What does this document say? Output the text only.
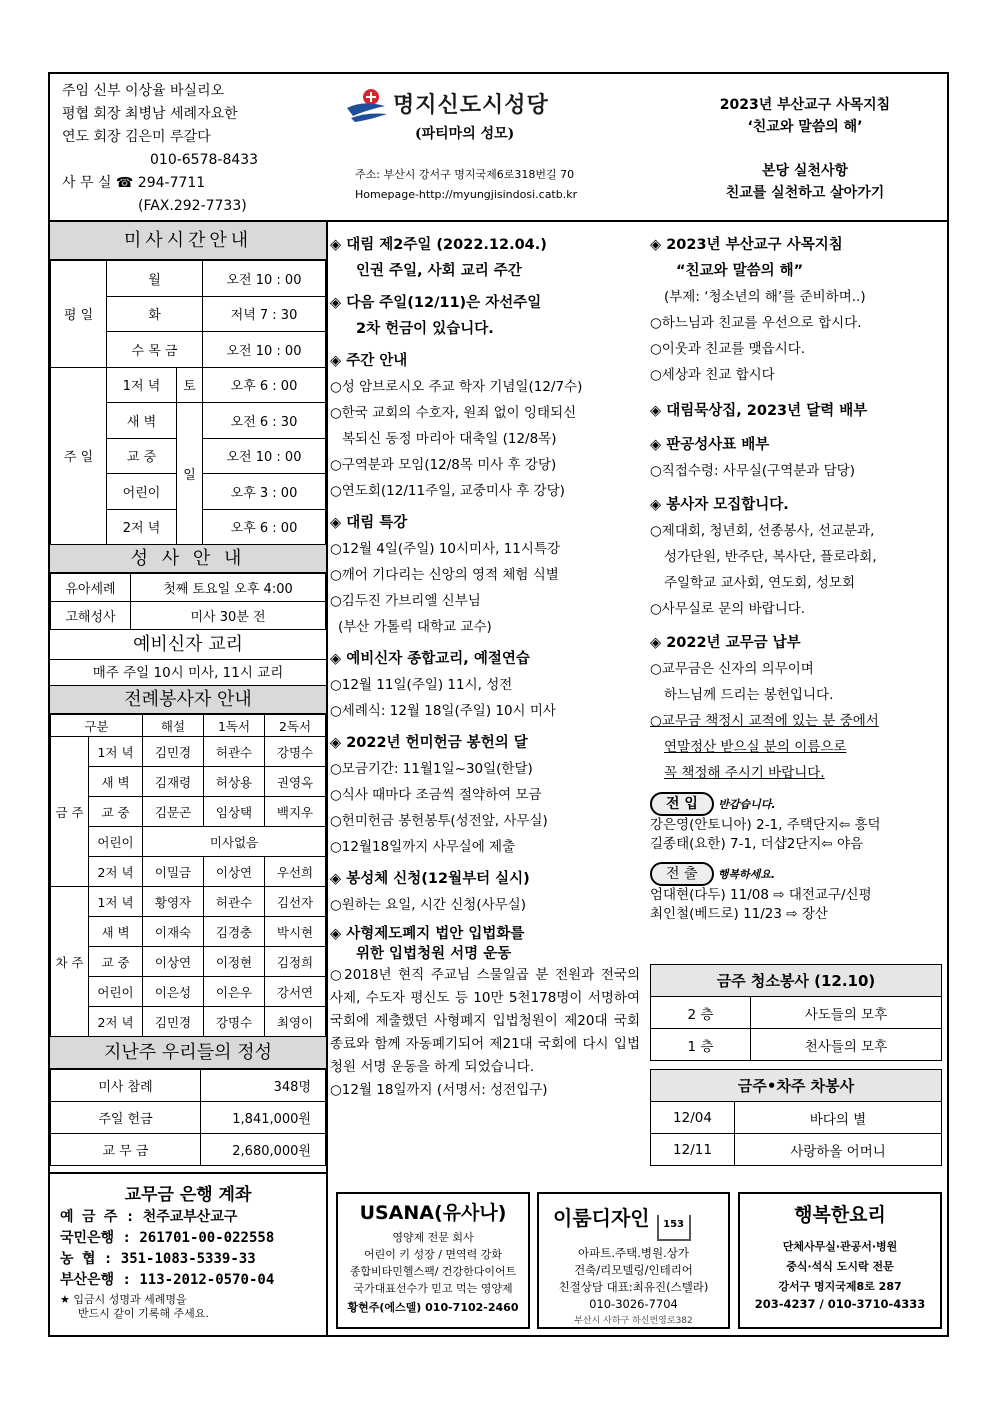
주임 신부 이상율 바실리오
평협 회장 최병남 세례자요한
연도 회장 김은미 루갈다
010-6578-8433
사 무 실 ☎ 294-7711
(FAX.292-7733)
명지신도시성당
(파티마의 성모)
주소: 부산시 강서구 명지국제6로318번길 70
Homepage-http://myungjisindosi.catb.kr
2023년 부산교구 사목지침
‘친교와 말씀의 해’
본당 실천사항
친교를 실천하고 살아가기
미사시간안내
평 일	월		오전 10 : 00
	화		저녁 7 : 30
	수 목 금		오전 10 : 00
주 일	1저 녁	토	오후 6 : 00
	새 벽	일	오전 6 : 30
	교 중		오전 10 : 00
	어린이		오후 3 : 00
	2저 녁		오후 6 : 00
성 사 안 내
유아세례	첫째 토요일 오후 4:00
고해성사	미사 30분 전
예비신자 교리
매주 주일 10시 미사, 11시 교리
전례봉사자 안내
구분		해설	1독서	2독서
금 주	1저 녁	김민경	허관수	강명수
	새 벽	김재령	허상용	권영옥
	교 중	김문곤	임상택	백지우
	어린이	미사없음		
	2저 녁	이밀금	이상연	우선희
차 주	1저 녁	황영자	허관수	김선자
	새 벽	이재숙	김경충	박시현
	교 중	이상연	이정현	김정희
	어린이	이은성	이은우	강서연
	2저 녁	김민경	강명수	최영이
지난주 우리들의 정성
미사 참례	348명
주일 헌금	1,841,000원
교 무 금	2,680,000원
교무금 은행 계좌
예 금 주 : 천주교부산교구
국민은행 : 261701-00-022558
농 협 : 351-1083-5339-33
부산은행 : 113-2012-0570-04
★ 입금시 성명과 세례명을
반드시 같이 기록해 주세요.
◈ 대림 제2주일 (2022.12.04.)
인권 주일, 사회 교리 주간
◈ 다음 주일(12/11)은 자선주일
2차 헌금이 있습니다.
◈ 주간 안내
○성 암브로시오 주교 학자 기념일(12/7수)
○한국 교회의 수호자, 원죄 없이 잉태되신
복되신 동정 마리아 대축일 (12/8목)
○구역분과 모임(12/8목 미사 후 강당)
○연도회(12/11주일, 교중미사 후 강당)
◈ 대림 특강
○12월 4일(주일) 10시미사, 11시특강
○깨어 기다리는 신앙의 영적 체험 식별
○김두진 가브리엘 신부님
(부산 가톨릭 대학교 교수)
◈ 예비신자 종합교리, 예절연습
○12월 11일(주일) 11시, 성전
○세례식: 12월 18일(주일) 10시 미사
◈ 2022년 헌미헌금 봉헌의 달
○모금기간: 11월1일~30일(한달)
○식사 때마다 조금씩 절약하여 모금
○헌미헌금 봉헌봉투(성전앞, 사무실)
○12월18일까지 사무실에 제출
◈ 봉성체 신청(12월부터 실시)
○원하는 요일, 시간 신청(사무실)
◈ 사형제도폐지 법안 입법화를
위한 입법청원 서명 운동
○2018년 현직 주교님 스물일곱 분 전원과 전국의 사제, 수도자 평신도 등 10만 5천178명이 서명하여 국회에 제출했던 사형폐지 입법청원이 제20대 국회 종료와 함께 자동폐기되어 제21대 국회에 다시 입법청원 서명 운동을 하게 되었습니다.
○12월 18일까지 (서명서: 성전입구)
◈ 2023년 부산교구 사목지침
“친교와 말씀의 해”
(부제: ‘청소년의 해’를 준비하며..)
○하느님과 친교를 우선으로 합시다.
○이웃과 친교를 맺읍시다.
○세상과 친교 합시다
◈ 대림묵상집, 2023년 달력 배부
◈ 판공성사표 배부
○직접수령: 사무실(구역분과 담당)
◈ 봉사자 모집합니다.
○제대회, 청년회, 선종봉사, 선교분과,
성가단원, 반주단, 복사단, 플로라회,
주일학교 교사회, 연도회, 성모회
○사무실로 문의 바랍니다.
◈ 2022년 교무금 납부
○교무금은 신자의 의무이며
하느님께 드리는 봉헌입니다.
○교무금 책정시 교적에 있는 분 중에서
연말정산 받으실 분의 이름으로
꼭 책정해 주시기 바랍니다.
전 입 반갑습니다.
강은영(안토니아) 2-1, 주택단지⇦ 흥덕
길종태(요한) 7-1, 더샵2단지⇦ 야음
전 출 행복하세요.
엄대현(다두) 11/08 ⇨ 대전교구/신평
최인철(베드로) 11/23 ⇨ 장산
금주 청소봉사 (12.10)	
2 층	사도들의 모후
1 층	천사들의 모후
금주•차주 차봉사	
12/04	바다의 별
12/11	사랑하올 어머니
USANA(유사나)
영양제 전문 회사
어린이 키 성장 / 면역력 강화
종합비타민헬스팩/ 건강한다이어트
국가대표선수가 믿고 먹는 영양제
황현주(에스델) 010-7102-2460
이룸디자인 153
아파트.주택.병원.상가
건축/리모델링/인테리어
친절상담 대표:최유진(스텔라)
010-3026-7704
부산시 사하구 하신번영로382
행복한요리
단체사무실·관공서·병원
중식·석식 도시락 전문
강서구 명지국제8로 287
203-4237 / 010-3710-4333
